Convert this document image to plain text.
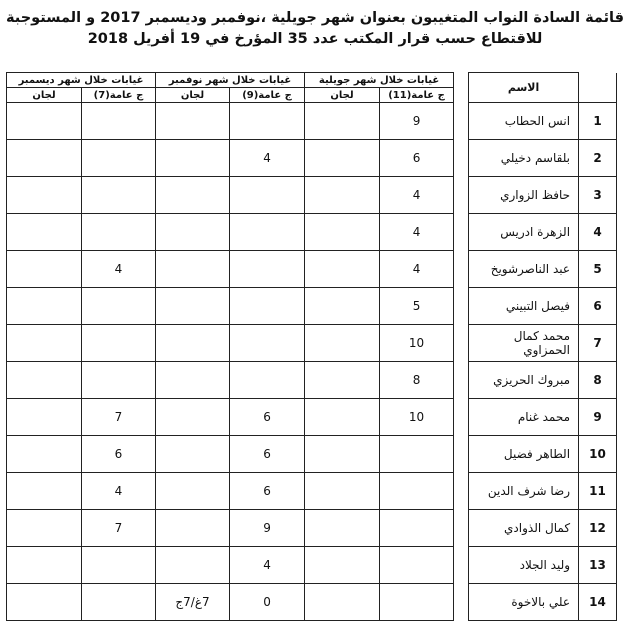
قائمة السادة النواب المتغيبون بعنوان شهر جويلية ،نوفمبر وديسمبر 2017 و المستوجبة
للاقتطاع حسب قرار المكتب عدد 35 المؤرخ في 19 أفريل 2018
	الاسم		غيابات خلال شهر جويلية		غيابات خلال شهر نوفمبر		غيابات خلال شهر ديسمبر	
			ج عامة(11)	لجان	ج عامة(9)	لجان	ج عامة(7)	لجان
1	انس الحطاب		9					
2	بلقاسم دخيلي		6		4			
3	حافظ الزواري		4					
4	الزهرة ادريس		4					
5	عبد الناصرشويخ		4				4	
6	فيصل التبيني		5					
7	محمد كمال الحمزاوي		10					
8	مبروك الحريزي		8					
9	محمد غنام		10		6		7	
10	الطاهر فضيل				6		6	
11	رضا شرف الدين				6		4	
12	كمال الذوادي				9		7	
13	وليد الجلاد				4			
14	علي بالاخوة				0	7غ/7ج		
